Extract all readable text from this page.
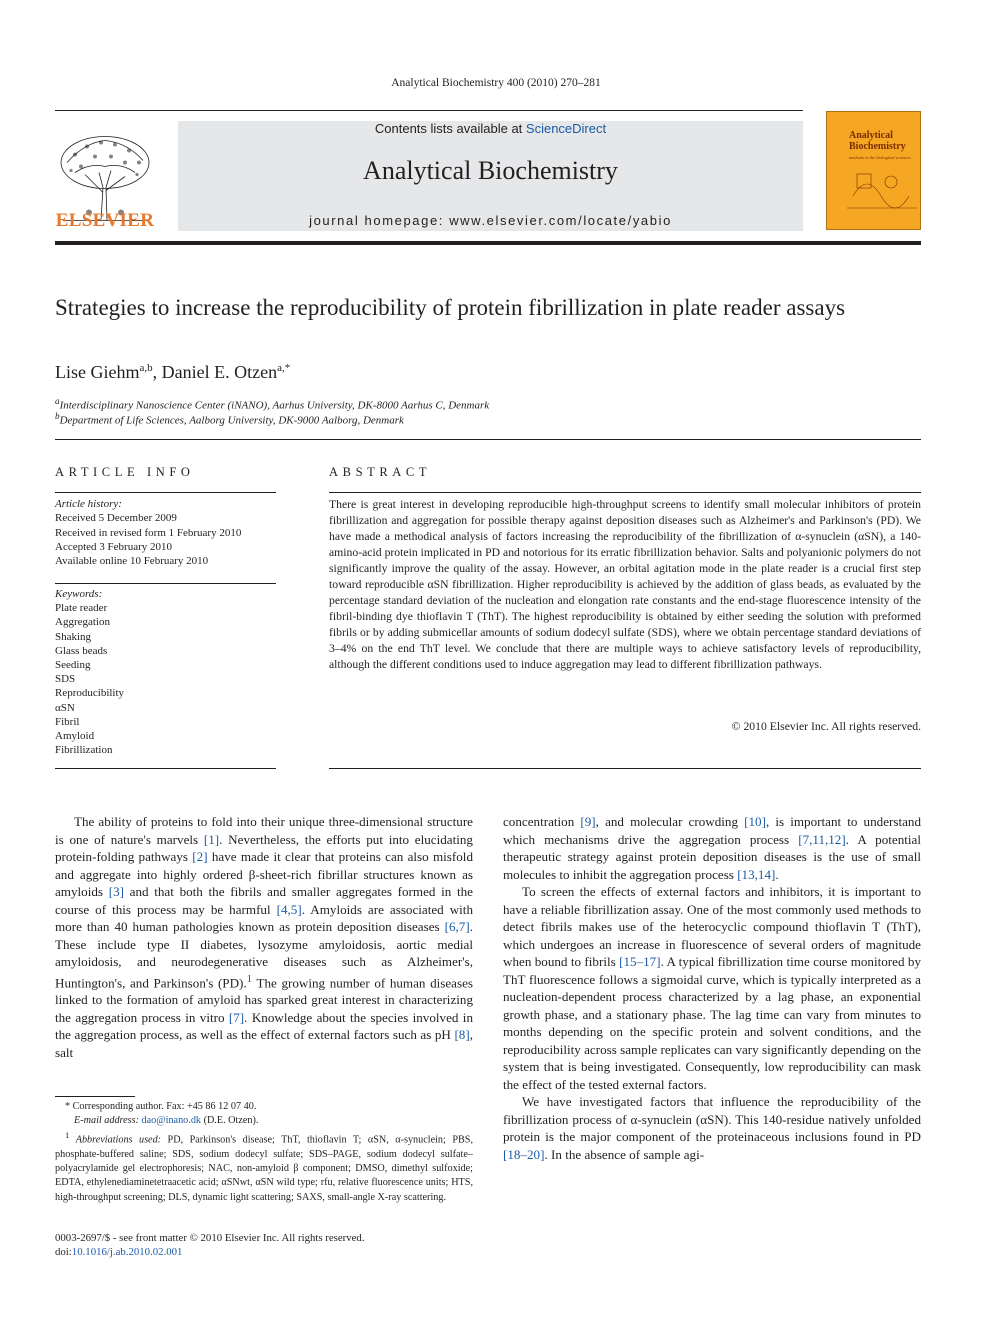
Analytical Biochemistry 400 (2010) 270–281
ELSEVIER
Contents lists available at ScienceDirect
Analytical Biochemistry
journal homepage: www.elsevier.com/locate/yabio
Analytical
Biochemistry
methods in the biological sciences
Strategies to increase the reproducibility of protein fibrillization in plate reader assays
Lise Giehm$^{a,b}$, Daniel E. Otzen$^{a,*}$
$^a$Interdisciplinary Nanoscience Center (iNANO), Aarhus University, DK-8000 Aarhus C, Denmark
$^b$Department of Life Sciences, Aalborg University, DK-9000 Aalborg, Denmark
ARTICLE INFO	ABSTRACT
Article history:
Received 5 December 2009
Received in revised form 1 February 2010
Accepted 3 February 2010
Available online 10 February 2010
Keywords:
Plate reader
Aggregation
Shaking
Glass beads
Seeding
SDS
Reproducibility
αSN
Fibril
Amyloid
Fibrillization
There is great interest in developing reproducible high-throughput screens to identify small molecular inhibitors of protein fibrillization and aggregation for possible therapy against deposition diseases such as Alzheimer's and Parkinson's (PD). We have made a methodical analysis of factors increasing the reproducibility of the fibrillization of α-synuclein (αSN), a 140-amino-acid protein implicated in PD and notorious for its erratic fibrillization behavior. Salts and polyanionic polymers do not significantly improve the quality of the assay. However, an orbital agitation mode in the plate reader is a crucial first step toward reproducible αSN fibrillization. Higher reproducibility is achieved by the addition of glass beads, as evaluated by the percentage standard deviation of the nucleation and elongation rate constants and the end-stage fluorescence intensity of the fibril-binding dye thioflavin T (ThT). The highest reproducibility is obtained by either seeding the solution with preformed fibrils or by adding submicellar amounts of sodium dodecyl sulfate (SDS), where we obtain percentage standard deviations of 3–4% on the end ThT level. We conclude that there are multiple ways to achieve satisfactory levels of reproducibility, although the different conditions used to induce aggregation may lead to different fibrillization pathways.
© 2010 Elsevier Inc. All rights reserved.

The ability of proteins to fold into their unique three-dimensional structure is one of nature's marvels [1]. Nevertheless, the efforts put into elucidating protein-folding pathways [2] have made it clear that proteins can also misfold and aggregate into highly ordered β-sheet-rich fibrillar structures known as amyloids [3] and that both the fibrils and smaller aggregates formed in the course of this process may be harmful [4,5]. Amyloids are associated with more than 40 human pathologies known as protein deposition diseases [6,7]. These include type II diabetes, lysozyme amyloidosis, aortic medial amyloidosis, and neurodegenerative diseases such as Alzheimer's, Huntington's, and Parkinson's (PD).$^1$ The growing number of human diseases linked to the formation of amyloid has sparked great interest in characterizing the aggregation process in vitro [7]. Knowledge about the species involved in the aggregation process, as well as the effect of external factors such as pH [8], salt

* Corresponding author. Fax: +45 86 12 07 40.

E-mail address: dao@inano.dk (D.E. Otzen).

$^1$ Abbreviations used: PD, Parkinson's disease; ThT, thioflavin T; αSN, α-synuclein; PBS, phosphate-buffered saline; SDS, sodium dodecyl sulfate; SDS–PAGE, sodium dodecyl sulfate–polyacrylamide gel electrophoresis; NAC, non-amyloid β component; DMSO, dimethyl sulfoxide; EDTA, ethylenediaminetetraacetic acid; αSNwt, αSN wild type; rfu, relative fluorescence units; HTS, high-throughput screening; DLS, dynamic light scattering; SAXS, small-angle X-ray scattering.

0003-2697/$ - see front matter © 2010 Elsevier Inc. All rights reserved.
doi:10.1016/j.ab.2010.02.001

concentration [9], and molecular crowding [10], is important to understand which mechanisms drive the aggregation process [7,11,12]. A potential therapeutic strategy against protein deposition diseases is the use of small molecules to inhibit the aggregation process [13,14].

To screen the effects of external factors and inhibitors, it is important to have a reliable fibrillization assay. One of the most commonly used methods to detect fibrils makes use of the heterocyclic compound thioflavin T (ThT), which undergoes an increase in fluorescence of several orders of magnitude when bound to fibrils [15–17]. A typical fibrillization time course monitored by ThT fluorescence follows a sigmoidal curve, which is typically interpreted as a nucleation-dependent process characterized by a lag phase, an exponential growth phase, and a stationary phase. The lag time can vary from minutes to months depending on the specific protein and solvent conditions, and the reproducibility across sample replicates can vary significantly depending on the system that is being investigated. Consequently, low reproducibility can mask the effect of the tested external factors.

We have investigated factors that influence the reproducibility of the fibrillization process of α-synuclein (αSN). This 140-residue natively unfolded protein is the major component of the proteinaceous inclusions found in PD [18–20]. In the absence of sample agi-
